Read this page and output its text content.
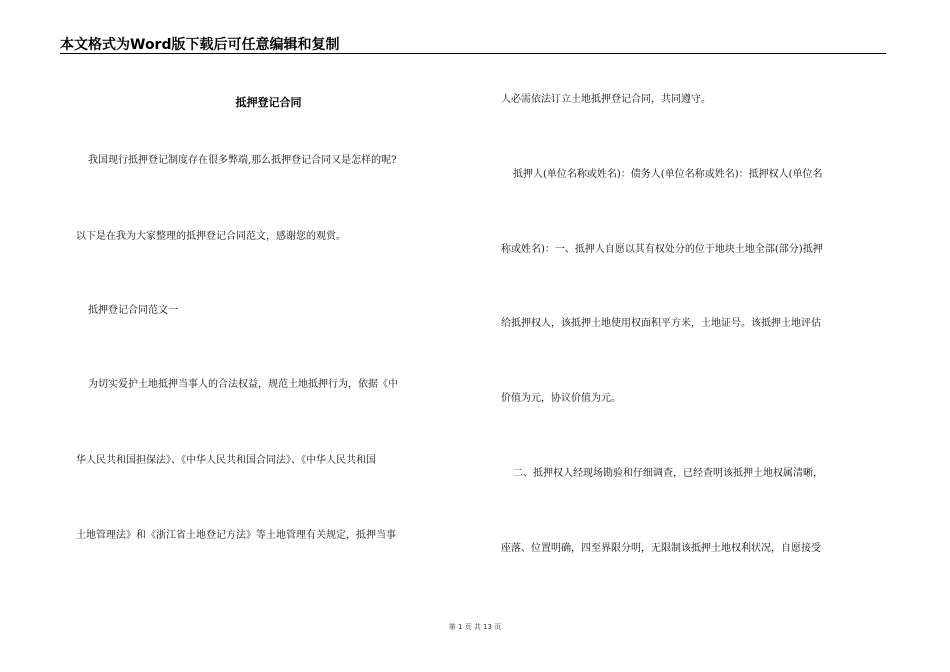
本文格式为Word版下载后可任意编辑和复制
抵押登记合同
我国现行抵押登记制度存在很多弊端,那么抵押登记合同又是怎样的呢?
以下是在我为大家整理的抵押登记合同范文，感谢您的观赏。
抵押登记合同范文一
为切实爱护土地抵押当事人的合法权益，规范土地抵押行为，依据《中
华人民共和国担保法》、《中华人民共和国合同法》、《中华人民共和国
土地管理法》和《浙江省土地登记方法》等土地管理有关规定，抵押当事
人必需依法订立土地抵押登记合同，共同遵守。
抵押人(单位名称或姓名)：债务人(单位名称或姓名)：抵押权人(单位名
称或姓名)：一、抵押人自愿以其有权处分的位于地块土地全部(部分)抵押
给抵押权人，该抵押土地使用权面积平方米，土地证号。该抵押土地评估
价值为元，协议价值为元。
二、抵押权人经现场勘验和仔细调查，已经查明该抵押土地权属清晰，
座落、位置明确，四至界限分明，无限制该抵押土地权利状况，自愿接受
第 1 页 共 13 页
